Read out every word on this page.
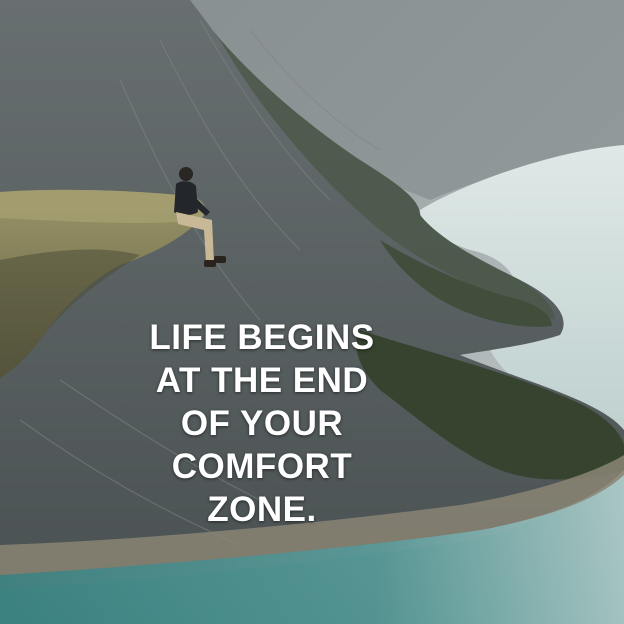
LIFE BEGINS
AT THE END
OF YOUR
COMFORT
ZONE.
